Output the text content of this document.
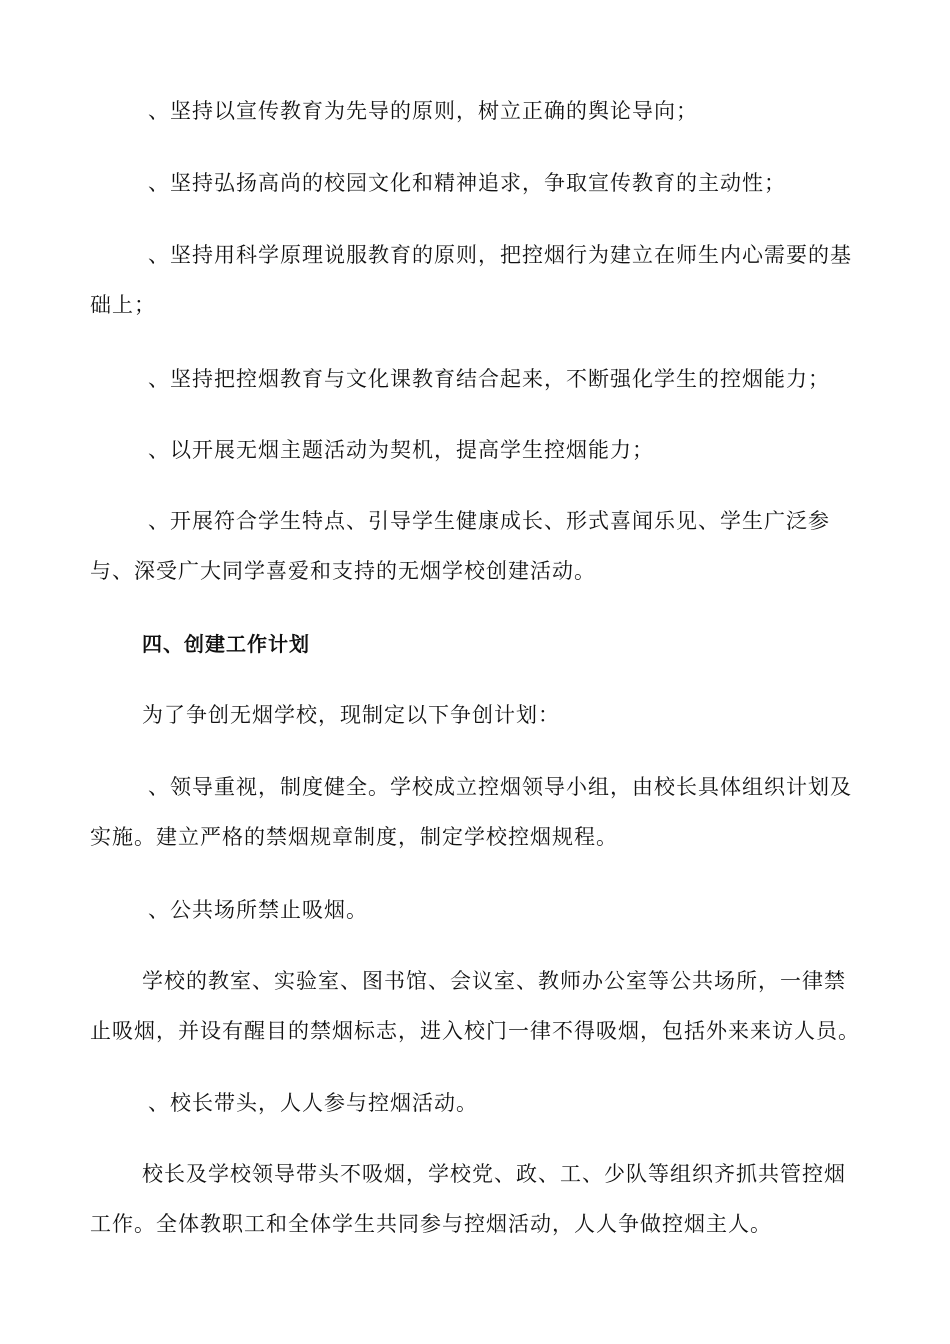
、坚持以宣传教育为先导的原则，树立正确的舆论导向；

、坚持弘扬高尚的校园文化和精神追求，争取宣传教育的主动性；

、坚持用科学原理说服教育的原则，把控烟行为建立在师生内心需要的基础上；

、坚持把控烟教育与文化课教育结合起来，不断强化学生的控烟能力；

、以开展无烟主题活动为契机，提高学生控烟能力；

、开展符合学生特点、引导学生健康成长、形式喜闻乐见、学生广泛参与、深受广大同学喜爱和支持的无烟学校创建活动。

四、创建工作计划

为了争创无烟学校，现制定以下争创计划：

、领导重视，制度健全。学校成立控烟领导小组，由校长具体组织计划及实施。建立严格的禁烟规章制度，制定学校控烟规程。

、公共场所禁止吸烟。

学校的教室、实验室、图书馆、会议室、教师办公室等公共场所，一律禁止吸烟，并设有醒目的禁烟标志，进入校门一律不得吸烟，包括外来来访人员。

、校长带头，人人参与控烟活动。

校长及学校领导带头不吸烟，学校党、政、工、少队等组织齐抓共管控烟工作。全体教职工和全体学生共同参与控烟活动，人人争做控烟主人。
